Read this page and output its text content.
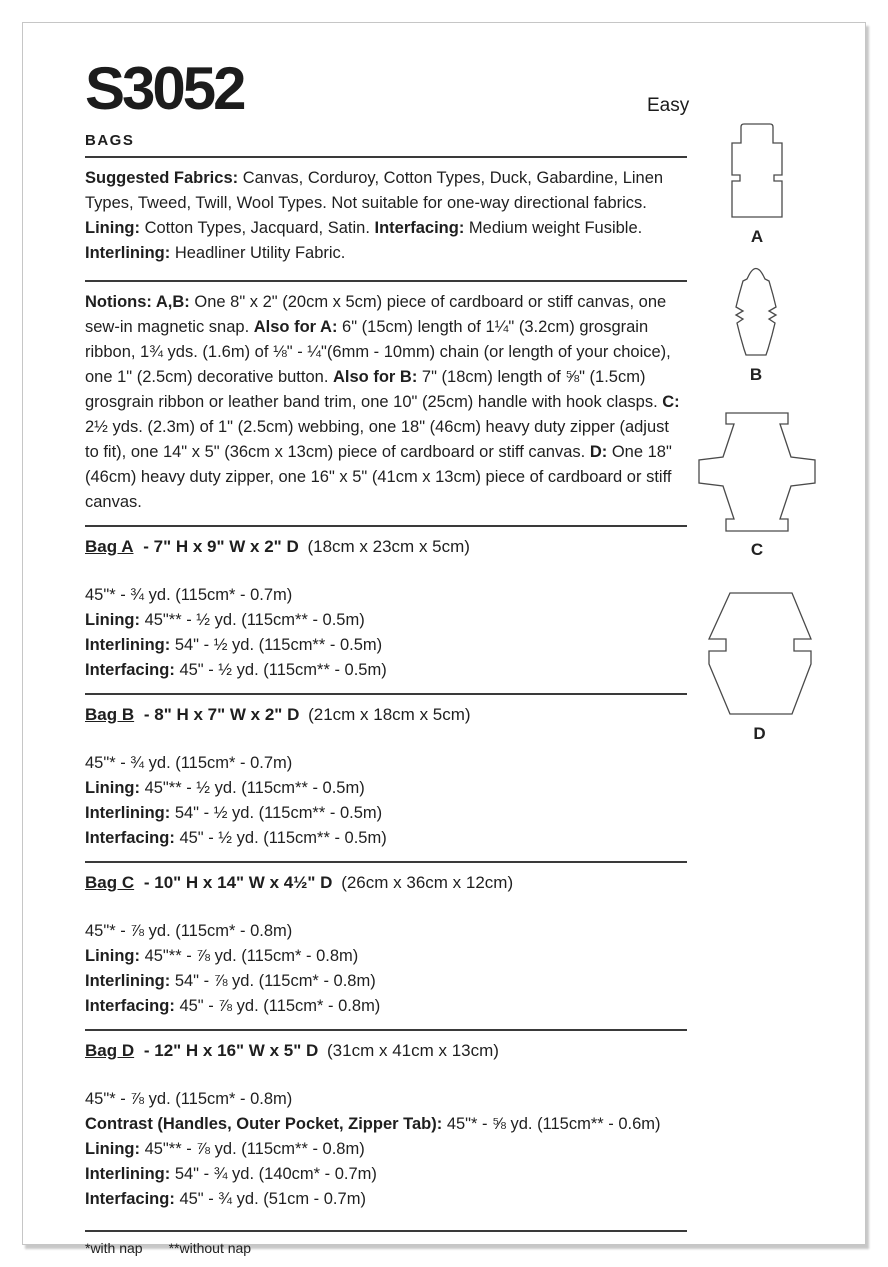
Easy
S3052
BAGS
Suggested Fabrics: Canvas, Corduroy, Cotton Types, Duck, Gabardine, Linen Types, Tweed, Twill, Wool Types. Not suitable for one-way directional fabrics. Lining: Cotton Types, Jacquard, Satin. Interfacing: Medium weight Fusible. Interlining: Headliner Utility Fabric.
Notions: A,B: One 8" x 2" (20cm x 5cm) piece of cardboard or stiff canvas, one sew-in magnetic snap. Also for A: 6" (15cm) length of 1¼" (3.2cm) grosgrain ribbon, 1¾ yds. (1.6m) of ⅛" - ¼"(6mm - 10mm) chain (or length of your choice), one 1" (2.5cm) decorative button. Also for B: 7" (18cm) length of ⅝" (1.5cm) grosgrain ribbon or leather band trim, one 10" (25cm) handle with hook clasps. C: 2½ yds. (2.3m) of 1" (2.5cm) webbing, one 18" (46cm) heavy duty zipper (adjust to fit), one 14" x 5" (36cm x 13cm) piece of cardboard or stiff canvas. D: One 18" (46cm) heavy duty zipper, one 16" x 5" (41cm x 13cm) piece of cardboard or stiff canvas.
Bag A - 7" H x 9" W x 2" D (18cm x 23cm x 5cm)
45"* - ¾ yd. (115cm* - 0.7m)
Lining: 45"** - ½ yd. (115cm** - 0.5m)
Interlining: 54" - ½ yd. (115cm** - 0.5m)
Interfacing: 45" - ½ yd. (115cm** - 0.5m)
Bag B - 8" H x 7" W x 2" D (21cm x 18cm x 5cm)
45"* - ¾ yd. (115cm* - 0.7m)
Lining: 45"** - ½ yd. (115cm** - 0.5m)
Interlining: 54" - ½ yd. (115cm** - 0.5m)
Interfacing: 45" - ½ yd. (115cm** - 0.5m)
Bag C - 10" H x 14" W x 4½" D (26cm x 36cm x 12cm)
45"* - ⅞ yd. (115cm* - 0.8m)
Lining: 45"** - ⅞ yd. (115cm* - 0.8m)
Interlining: 54" - ⅞ yd. (115cm* - 0.8m)
Interfacing: 45" - ⅞ yd. (115cm* - 0.8m)
Bag D - 12" H x 16" W x 5" D (31cm x 41cm x 13cm)
45"* - ⅞ yd. (115cm* - 0.8m)
Contrast (Handles, Outer Pocket, Zipper Tab): 45"* - ⅝ yd. (115cm** - 0.6m)
Lining: 45"** - ⅞ yd. (115cm** - 0.8m)
Interlining: 54" - ¾ yd. (140cm* - 0.7m)
Interfacing: 45" - ¾ yd. (51cm - 0.7m)
*with nap **without nap
A
B
C
D
